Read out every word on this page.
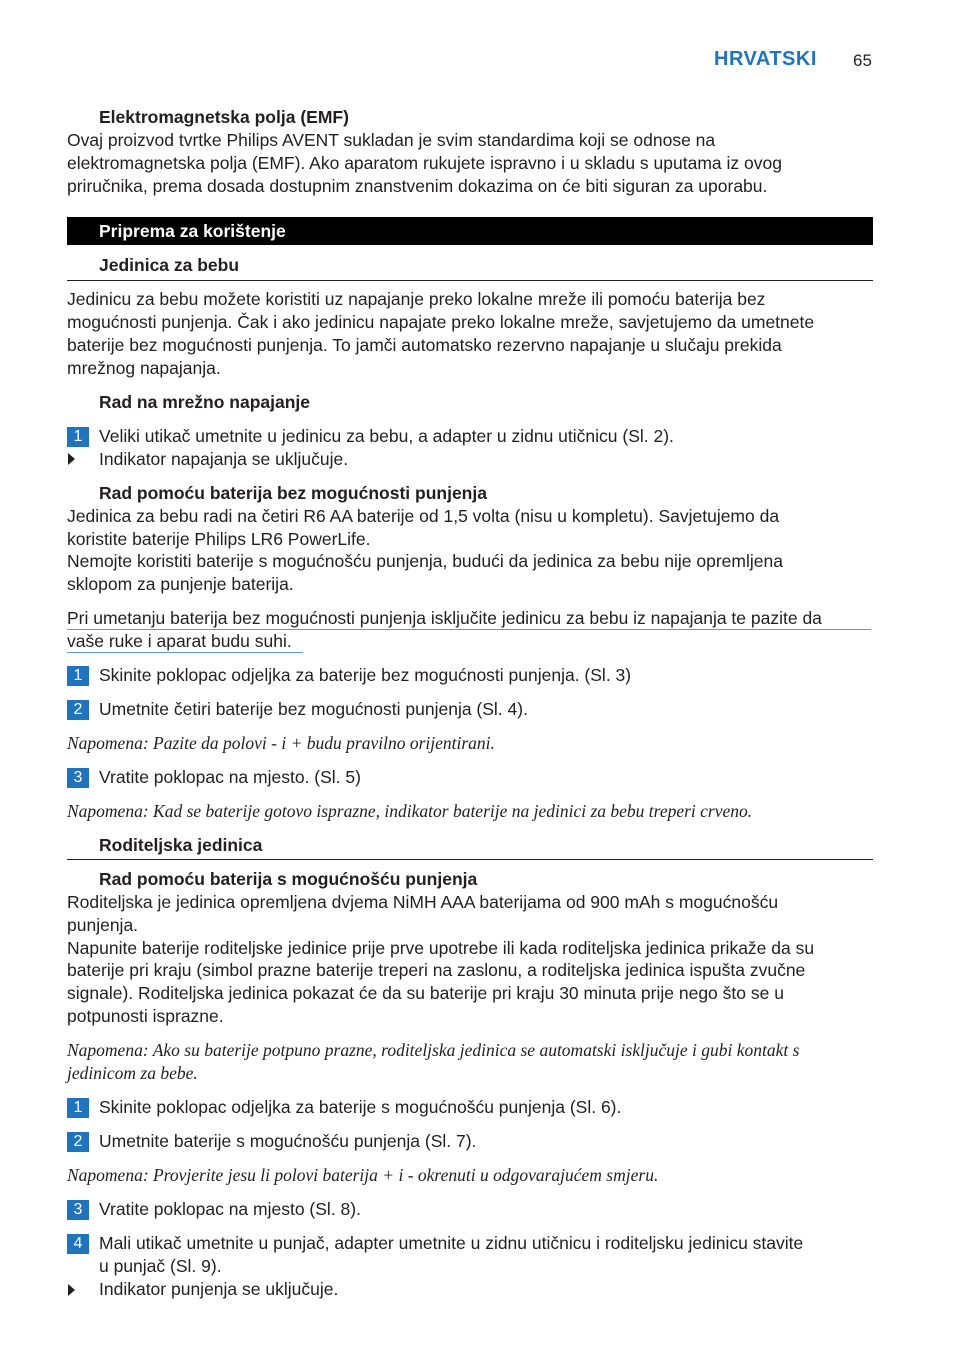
HRVATSKI 65
Elektromagnetska polja (EMF)
Ovaj proizvod tvrtke Philips AVENT sukladan je svim standardima koji se odnose na
elektromagnetska polja (EMF). Ako aparatom rukujete ispravno i u skladu s uputama iz ovog
priručnika, prema dosada dostupnim znanstvenim dokazima on će biti siguran za uporabu.
Priprema za korištenje
Jedinica za bebu
Jedinicu za bebu možete koristiti uz napajanje preko lokalne mreže ili pomoću baterija bez
mogućnosti punjenja. Čak i ako jedinicu napajate preko lokalne mreže, savjetujemo da umetnete
baterije bez mogućnosti punjenja. To jamči automatsko rezervno napajanje u slučaju prekida
mrežnog napajanja.
Rad na mrežno napajanje
1 Veliki utikač umetnite u jedinicu za bebu, a adapter u zidnu utičnicu (Sl. 2).
Indikator napajanja se uključuje.
Rad pomoću baterija bez mogućnosti punjenja
Jedinica za bebu radi na četiri R6 AA baterije od 1,5 volta (nisu u kompletu). Savjetujemo da
koristite baterije Philips LR6 PowerLife.
Nemojte koristiti baterije s mogućnošću punjenja, budući da jedinica za bebu nije opremljena
sklopom za punjenje baterija.
Pri umetanju baterija bez mogućnosti punjenja isključite jedinicu za bebu iz napajanja te pazite da
vaše ruke i aparat budu suhi.
1 Skinite poklopac odjeljka za baterije bez mogućnosti punjenja. (Sl. 3)
2 Umetnite četiri baterije bez mogućnosti punjenja (Sl. 4).
Napomena: Pazite da polovi - i + budu pravilno orijentirani.
3 Vratite poklopac na mjesto. (Sl. 5)
Napomena: Kad se baterije gotovo isprazne, indikator baterije na jedinici za bebu treperi crveno.
Roditeljska jedinica
Rad pomoću baterija s mogućnošću punjenja
Roditeljska je jedinica opremljena dvjema NiMH AAA baterijama od 900 mAh s mogućnošću
punjenja.
Napunite baterije roditeljske jedinice prije prve upotrebe ili kada roditeljska jedinica prikaže da su
baterije pri kraju (simbol prazne baterije treperi na zaslonu, a roditeljska jedinica ispušta zvučne
signale). Roditeljska jedinica pokazat će da su baterije pri kraju 30 minuta prije nego što se u
potpunosti isprazne.
Napomena: Ako su baterije potpuno prazne, roditeljska jedinica se automatski isključuje i gubi kontakt s
jedinicom za bebe.
1 Skinite poklopac odjeljka za baterije s mogućnošću punjenja (Sl. 6).
2 Umetnite baterije s mogućnošću punjenja (Sl. 7).
Napomena: Provjerite jesu li polovi baterija + i - okrenuti u odgovarajućem smjeru.
3 Vratite poklopac na mjesto (Sl. 8).
4 Mali utikač umetnite u punjač, adapter umetnite u zidnu utičnicu i roditeljsku jedinicu stavite
u punjač (Sl. 9).
Indikator punjenja se uključuje.
